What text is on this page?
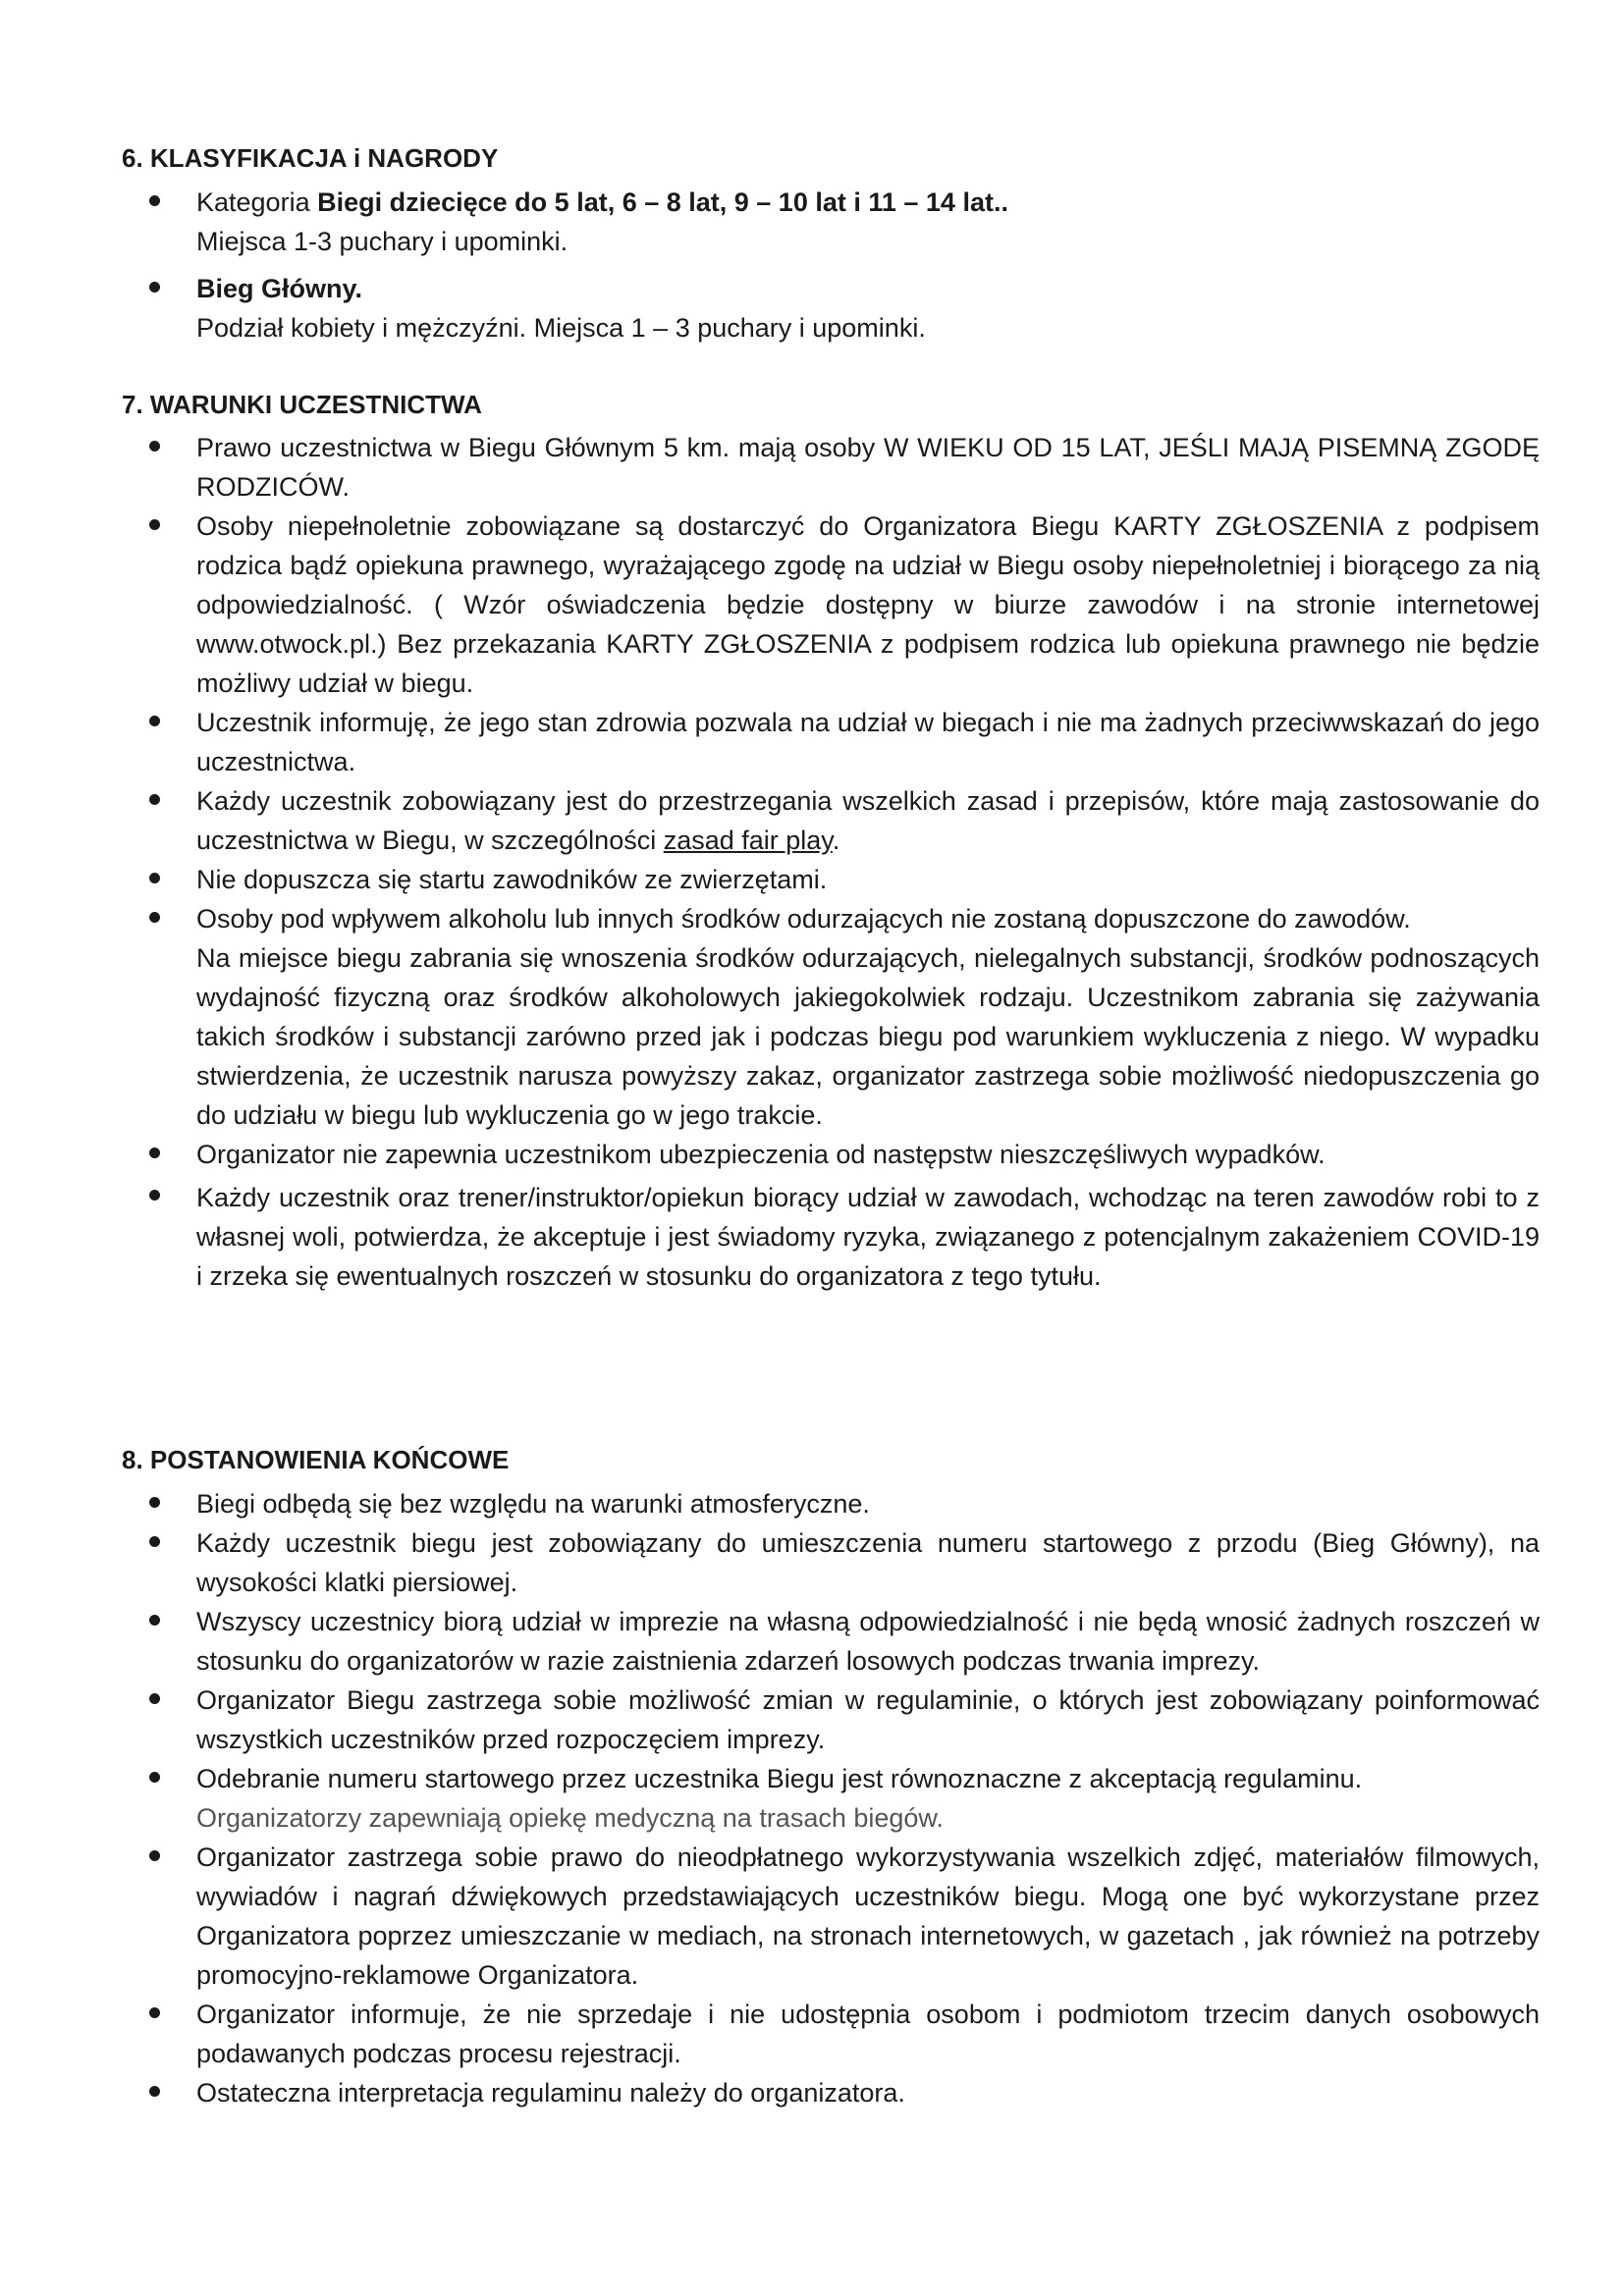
6. KLASYFIKACJA i NAGRODY
Kategoria Biegi dziecięce do 5 lat, 6 – 8 lat, 9 – 10 lat i 11 – 14 lat..
Miejsca 1-3 puchary i upominki.
Bieg Główny.
Podział kobiety i mężczyźni. Miejsca 1 – 3 puchary i upominki.
7. WARUNKI UCZESTNICTWA
Prawo uczestnictwa w Biegu Głównym 5 km. mają osoby W WIEKU OD 15 LAT, JEŚLI MAJĄ PISEMNĄ ZGODĘ RODZICÓW.
Osoby niepełnoletnie zobowiązane są dostarczyć do Organizatora Biegu KARTY ZGŁOSZENIA z podpisem rodzica bądź opiekuna prawnego, wyrażającego zgodę na udział w Biegu osoby niepełnoletniej i biorącego za nią odpowiedzialność. ( Wzór oświadczenia będzie dostępny w biurze zawodów i na stronie internetowej www.otwock.pl.) Bez przekazania KARTY ZGŁOSZENIA z podpisem rodzica lub opiekuna prawnego nie będzie możliwy udział w biegu.
Uczestnik informuję, że jego stan zdrowia pozwala na udział w biegach i nie ma żadnych przeciwwskazań do jego uczestnictwa.
Każdy uczestnik zobowiązany jest do przestrzegania wszelkich zasad i przepisów, które mają zastosowanie do uczestnictwa w Biegu, w szczególności zasad fair play.
Nie dopuszcza się startu zawodników ze zwierzętami.
Osoby pod wpływem alkoholu lub innych środków odurzających nie zostaną dopuszczone do zawodów.
Na miejsce biegu zabrania się wnoszenia środków odurzających, nielegalnych substancji, środków podnoszących wydajność fizyczną oraz środków alkoholowych jakiegokolwiek rodzaju. Uczestnikom zabrania się zażywania takich środków i substancji zarówno przed jak i podczas biegu pod warunkiem wykluczenia z niego. W wypadku stwierdzenia, że uczestnik narusza powyższy zakaz, organizator zastrzega sobie możliwość niedopuszczenia go do udziału w biegu lub wykluczenia go w jego trakcie.
Organizator nie zapewnia uczestnikom ubezpieczenia od następstw nieszczęśliwych wypadków.
Każdy uczestnik oraz trener/instruktor/opiekun biorący udział w zawodach, wchodząc na teren zawodów robi to z własnej woli, potwierdza, że akceptuje i jest świadomy ryzyka, związanego z potencjalnym zakażeniem COVID-19 i zrzeka się ewentualnych roszczeń w stosunku do organizatora z tego tytułu.
8. POSTANOWIENIA KOŃCOWE
Biegi odbędą się bez względu na warunki atmosferyczne.
Każdy uczestnik biegu jest zobowiązany do umieszczenia numeru startowego z przodu (Bieg Główny), na wysokości klatki piersiowej.
Wszyscy uczestnicy biorą udział w imprezie na własną odpowiedzialność i nie będą wnosić żadnych roszczeń w stosunku do organizatorów w razie zaistnienia zdarzeń losowych podczas trwania imprezy.
Organizator Biegu zastrzega sobie możliwość zmian w regulaminie, o których jest zobowiązany poinformować wszystkich uczestników przed rozpoczęciem imprezy.
Odebranie numeru startowego przez uczestnika Biegu jest równoznaczne z akceptacją regulaminu.
Organizatorzy zapewniają opiekę medyczną na trasach biegów.
Organizator zastrzega sobie prawo do nieodpłatnego wykorzystywania wszelkich zdjęć, materiałów filmowych, wywiadów i nagrań dźwiękowych przedstawiających uczestników biegu. Mogą one być wykorzystane przez Organizatora poprzez umieszczanie w mediach, na stronach internetowych, w gazetach , jak również na potrzeby promocyjno-reklamowe Organizatora.
Organizator informuje, że nie sprzedaje i nie udostępnia osobom i podmiotom trzecim danych osobowych podawanych podczas procesu rejestracji.
Ostateczna interpretacja regulaminu należy do organizatora.
